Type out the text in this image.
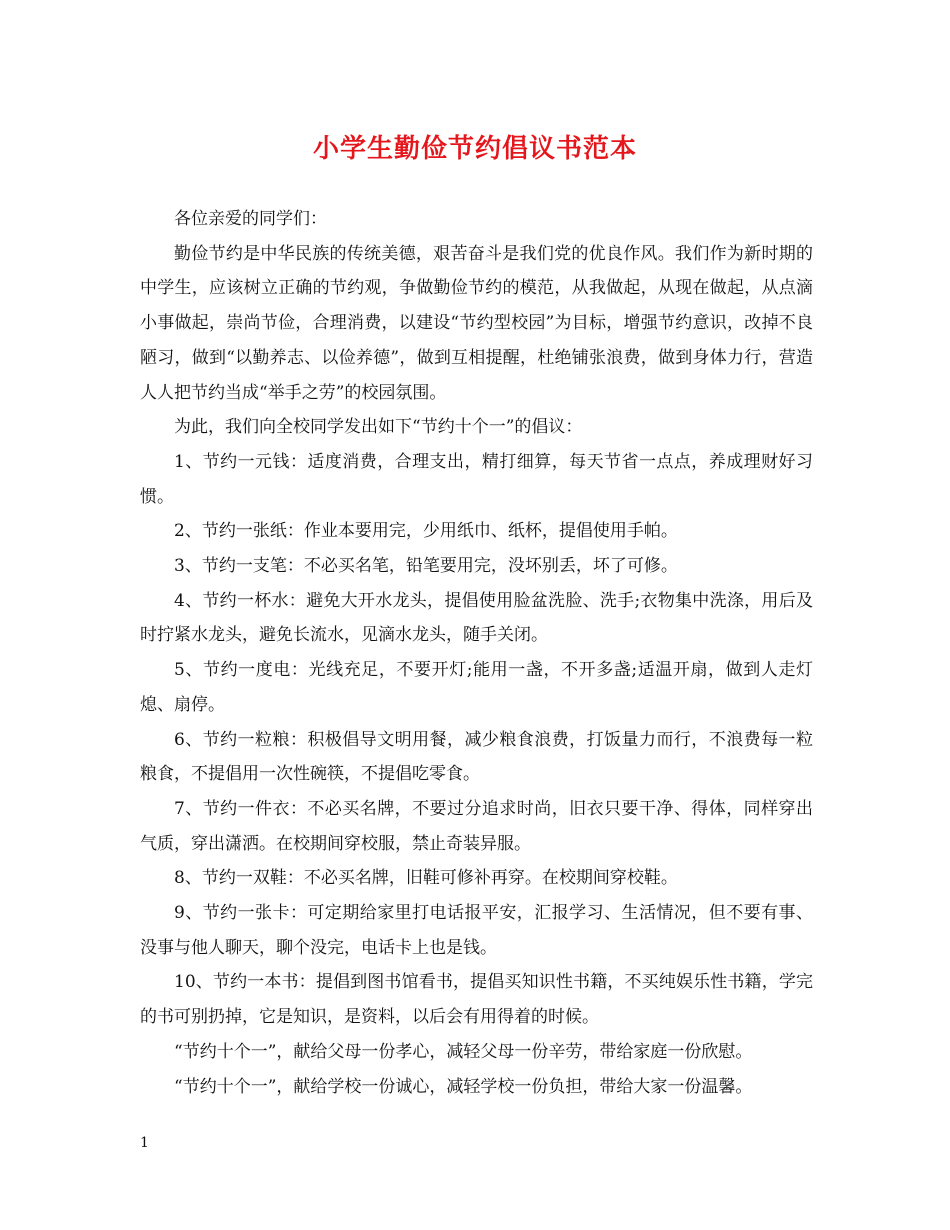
小学生勤俭节约倡议书范本

各位亲爱的同学们：

勤俭节约是中华民族的传统美德，艰苦奋斗是我们党的优良作风。我们作为新时期的中学生，应该树立正确的节约观，争做勤俭节约的模范，从我做起，从现在做起，从点滴小事做起，崇尚节俭，合理消费，以建设“节约型校园”为目标，增强节约意识，改掉不良陋习，做到“以勤养志、以俭养德”，做到互相提醒，杜绝铺张浪费，做到身体力行，营造人人把节约当成“举手之劳”的校园氛围。

为此，我们向全校同学发出如下“节约十个一”的倡议：

1、节约一元钱：适度消费，合理支出，精打细算，每天节省一点点，养成理财好习惯。

2、节约一张纸：作业本要用完，少用纸巾、纸杯，提倡使用手帕。

3、节约一支笔：不必买名笔，铅笔要用完，没坏别丢，坏了可修。

4、节约一杯水：避免大开水龙头，提倡使用脸盆洗脸、洗手;衣物集中洗涤，用后及时拧紧水龙头，避免长流水，见滴水龙头，随手关闭。

5、节约一度电：光线充足，不要开灯;能用一盏，不开多盏;适温开扇，做到人走灯熄、扇停。

6、节约一粒粮：积极倡导文明用餐，减少粮食浪费，打饭量力而行，不浪费每一粒粮食，不提倡用一次性碗筷，不提倡吃零食。

7、节约一件衣：不必买名牌，不要过分追求时尚，旧衣只要干净、得体，同样穿出气质，穿出潇洒。在校期间穿校服，禁止奇装异服。

8、节约一双鞋：不必买名牌，旧鞋可修补再穿。在校期间穿校鞋。

9、节约一张卡：可定期给家里打电话报平安，汇报学习、生活情况，但不要有事、没事与他人聊天，聊个没完，电话卡上也是钱。

10、节约一本书：提倡到图书馆看书，提倡买知识性书籍，不买纯娱乐性书籍，学完的书可别扔掉，它是知识，是资料，以后会有用得着的时候。

“节约十个一”，献给父母一份孝心，减轻父母一份辛劳，带给家庭一份欣慰。

“节约十个一”，献给学校一份诚心，减轻学校一份负担，带给大家一份温馨。

1
